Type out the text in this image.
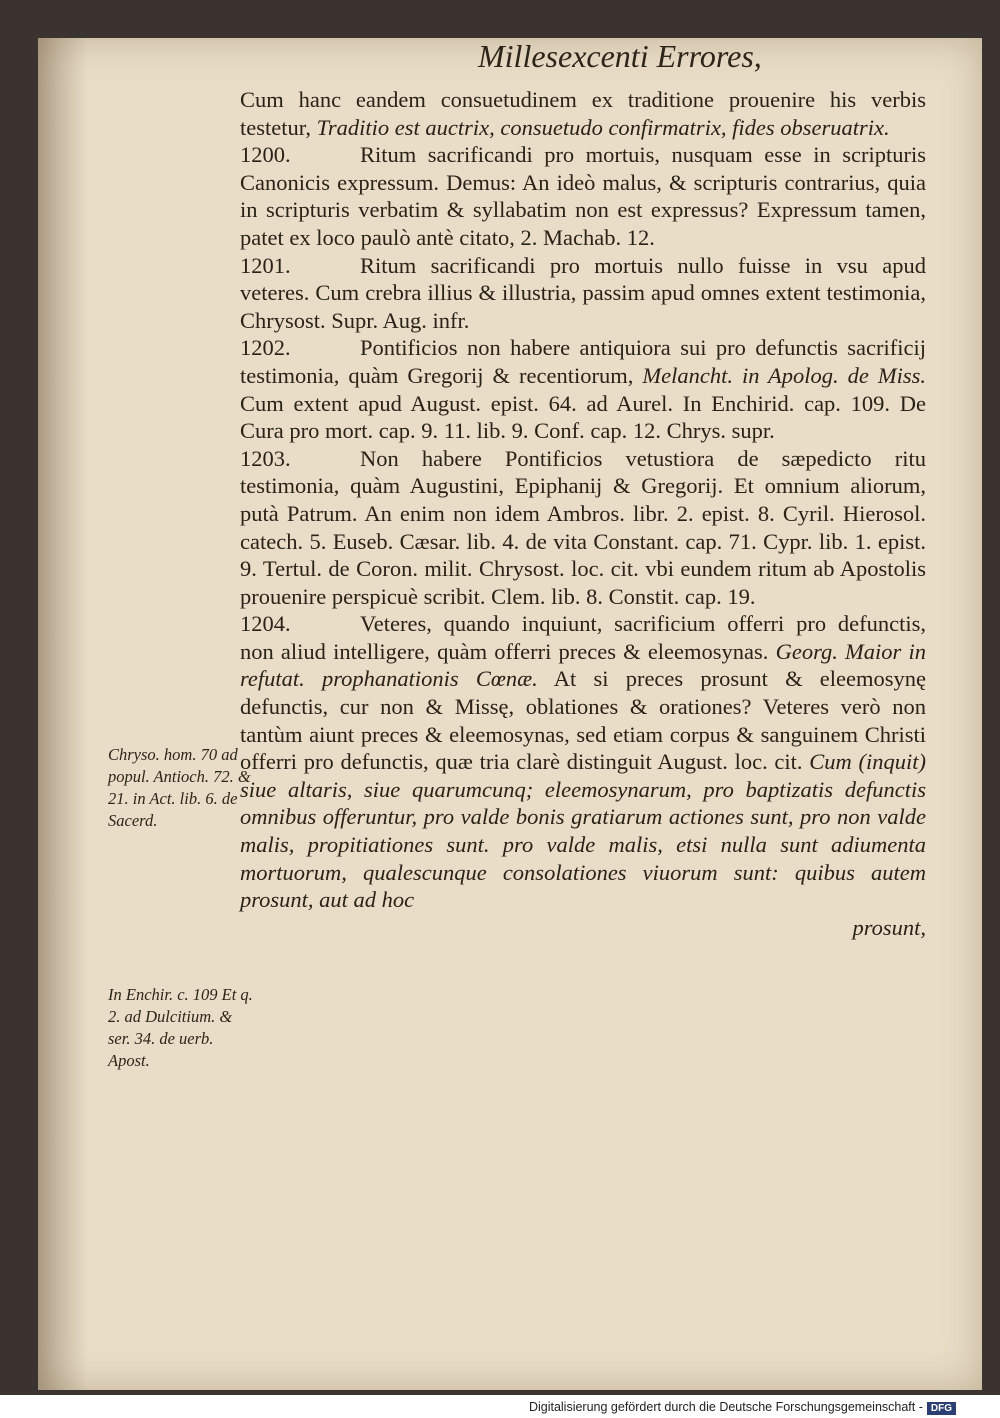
Millesexcenti Errores,

Cum hanc eandem consuetudinem ex traditione prouenire his verbis testetur, Traditio est auctrix, consuetudo confirmatrix, fides obseruatrix.

1200.	Ritum sacrificandi pro mortuis, nusquam esse in scripturis Canonicis expressum. Demus: An ideò malus, & scripturis contrarius, quia in scripturis verbatim & syllabatim non est expressus? Expressum tamen, patet ex loco paulò antè citato, 2. Machab. 12.

1201.	Ritum sacrificandi pro mortuis nullo fuisse in vsu apud veteres. Cum crebra illius & illustria, passim apud omnes extent testimonia, Chrysost. Supr. Aug. infr.

1202.	Pontificios non habere antiquiora sui pro defunctis sacrificij testimonia, quàm Gregorij & recentiorum, Melancht. in Apolog. de Miss. Cum extent apud August. epist. 64. ad Aurel. In Enchirid. cap. 109. De Cura pro mort. cap. 9. 11. lib. 9. Conf. cap. 12. Chrys. supr.

1203.	Non habere Pontificios vetustiora de sæpedicto ritu testimonia, quàm Augustini, Epiphanij & Gregorij. Et omnium aliorum, putà Patrum. An enim non idem Ambros. libr. 2. epist. 8. Cyril. Hierosol. catech. 5. Euseb. Cæsar. lib. 4. de vita Constant. cap. 71. Cypr. lib. 1. epist. 9. Tertul. de Coron. milit. Chrysost. loc. cit. vbi eundem ritum ab Apostolis prouenire perspicuè scribit. Clem. lib. 8. Constit. cap. 19.

1204.	Veteres, quando inquiunt, sacrificium offerri pro defunctis, non aliud intelligere, quàm offerri preces & eleemosynas. Georg. Maior in refutat. prophanationis Cœnæ. At si preces prosunt & eleemosynę defunctis, cur non & Missę, oblationes & orationes? Veteres verò non tantùm aiunt preces & eleemosynas, sed etiam corpus & sanguinem Christi offerri pro defunctis, quæ tria clarè distinguit August. loc. cit. Cum (inquit) siue altaris, siue quarumcunq; eleemosynarum, pro baptizatis defunctis omnibus offeruntur, pro valde bonis gratiarum actiones sunt, pro non valde malis, propitiationes sunt. pro valde malis, etsi nulla sunt adiumenta mortuorum, qualescunque consolationes viuorum sunt: quibus autem prosunt, aut ad hoc

prosunt,
Chryso. hom. 70 ad popul. Antioch. 72. & 21. in Act. lib. 6. de Sacerd.
In Enchir. c. 109 Et q. 2. ad Dulcitium. & ser. 34. de uerb. Apost.
Digitalisierung gefördert durch die Deutsche Forschungsgemeinschaft - DFG
